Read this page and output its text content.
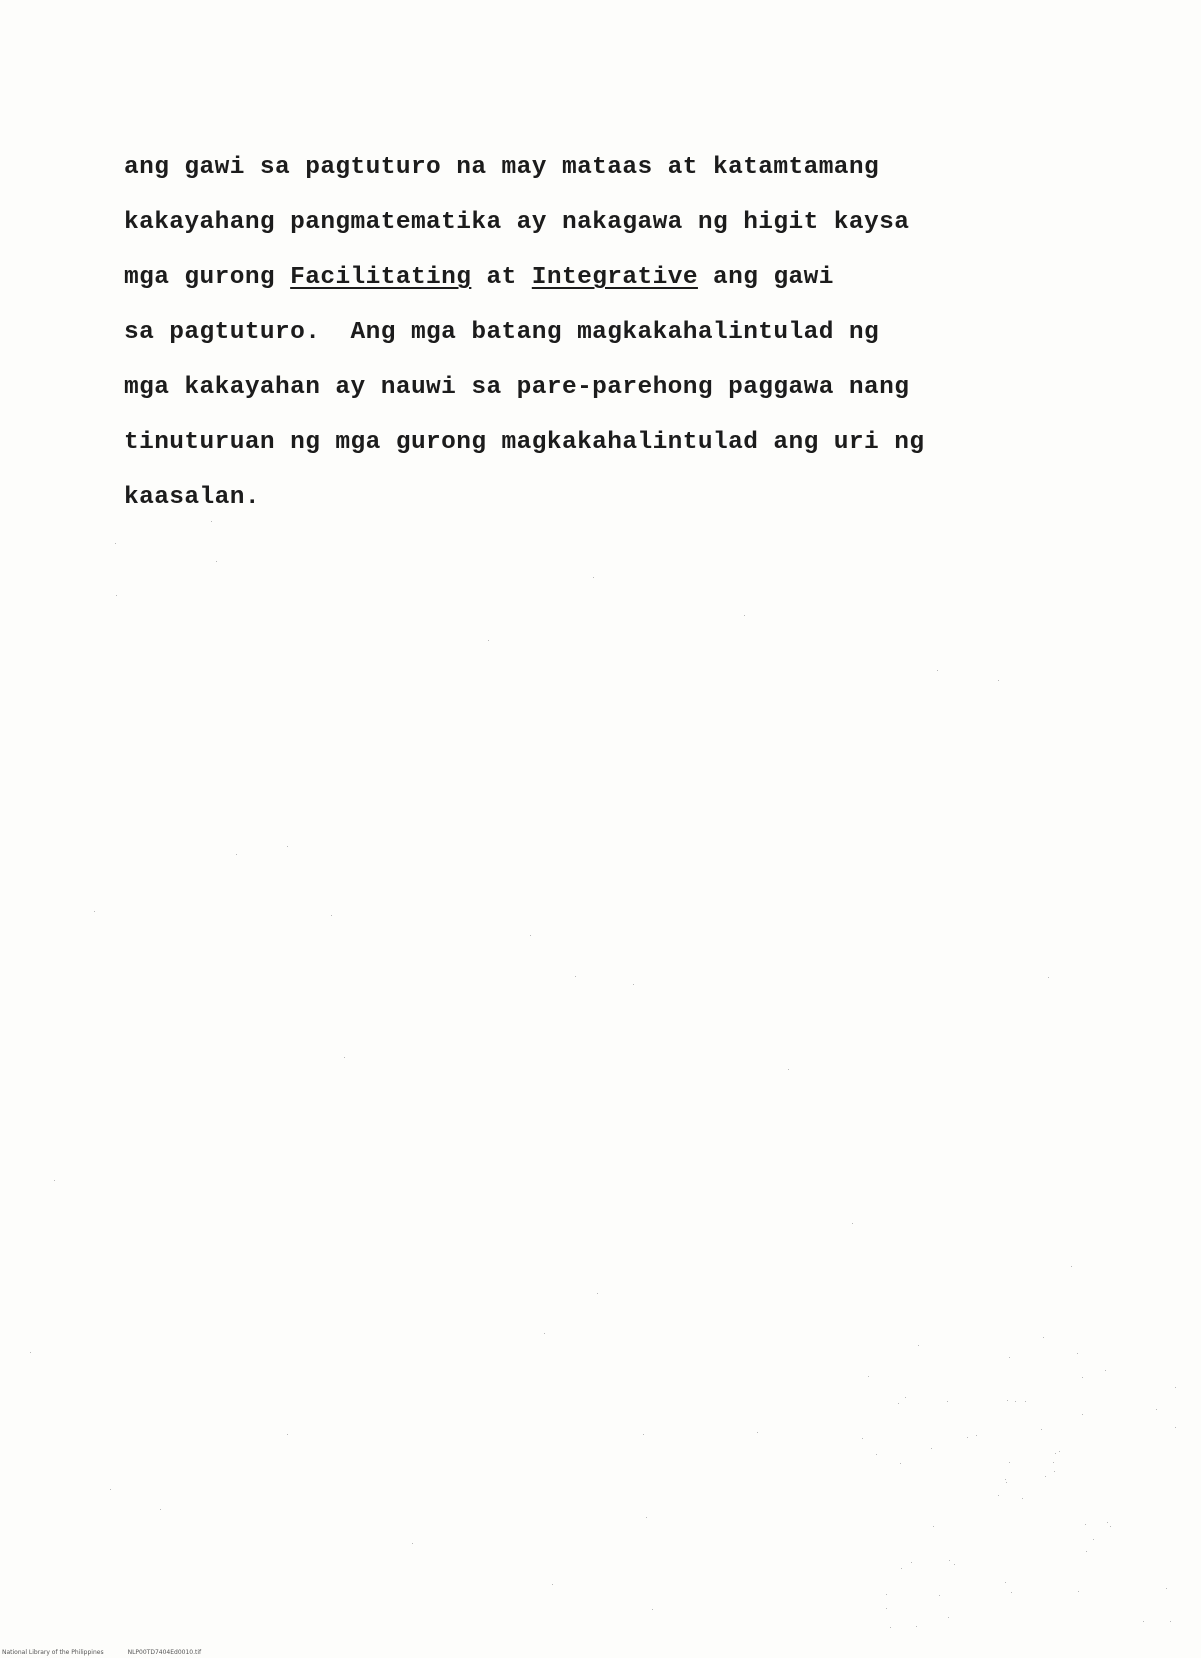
ang gawi sa pagtuturo na may mataas at katamtamang
kakayahang pangmatematika ay nakagawa ng higit kaysa
mga gurong Facilitating at Integrative ang gawi
sa pagtuturo.  Ang mga batang magkakahalintulad ng
mga kakayahan ay nauwi sa pare-parehong paggawa nang
tinuturuan ng mga gurong magkakahalintulad ang uri ng
kaasalan.
National Library of the Philippines	NLP00TD7404Ed0010.tif
